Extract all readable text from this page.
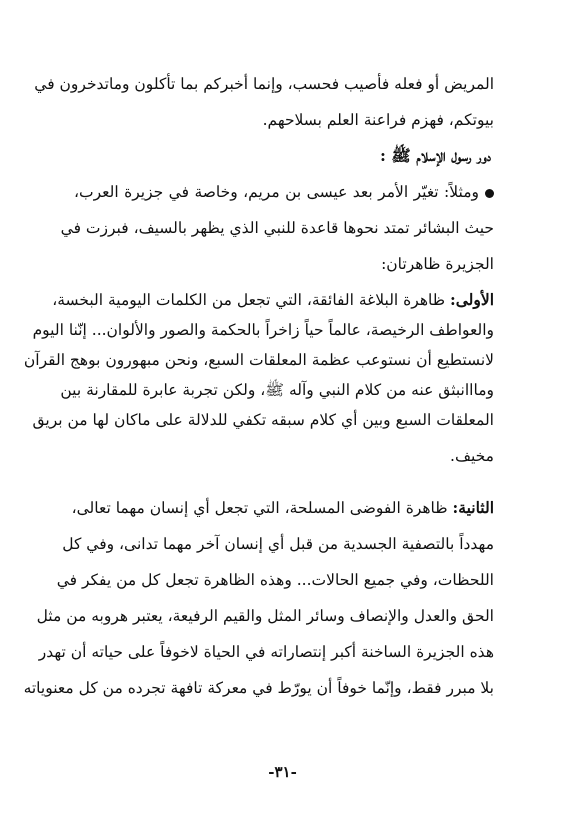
المريض أو فعله فأصيب فحسب، وإنما أخبركم بما تأكلون وماتدخرون في
بيوتكم، فهزم فراعنة العلم بسلاحهم.
دور رسول الإسلام ﷺ :
ومثلاً: تغيّر الأمر بعد عيسى بن مريم، وخاصة في جزيرة العرب،
حيث البشائر تمتد نحوها قاعدة للنبي الذي يظهر بالسيف، فبرزت في
الجزيرة ظاهرتان:
الأولى: ظاهرة البلاغة الفائقة، التي تجعل من الكلمات اليومية البخسة،
والعواطف الرخيصة، عالماً حياً زاخراً بالحكمة والصور والألوان... إنّنا اليوم
لانستطيع أن نستوعب عظمة المعلقات السبع، ونحن مبهورون بوهج القرآن
ومااانبثق عنه من كلام النبي وآله ﷺ، ولكن تجربة عابرة للمقارنة بين
المعلقات السبع وبين أي كلام سبقه تكفي للدلالة على ماكان لها من بريق
مخيف.
الثانية: ظاهرة الفوضى المسلحة، التي تجعل أي إنسان مهما تعالى،
مهدداً بالتصفية الجسدية من قبل أي إنسان آخر مهما تدانى، وفي كل
اللحظات، وفي جميع الحالات... وهذه الظاهرة تجعل كل من يفكر في
الحق والعدل والإنصاف وسائر المثل والقيم الرفيعة، يعتبر هروبه من مثل
هذه الجزيرة الساخنة أكبر إنتصاراته في الحياة لاخوفاً على حياته أن تهدر
بلا مبرر فقط، وإنّما خوفاً أن يورّط في معركة تافهة تجرده من كل معنوياته
-٣١-
